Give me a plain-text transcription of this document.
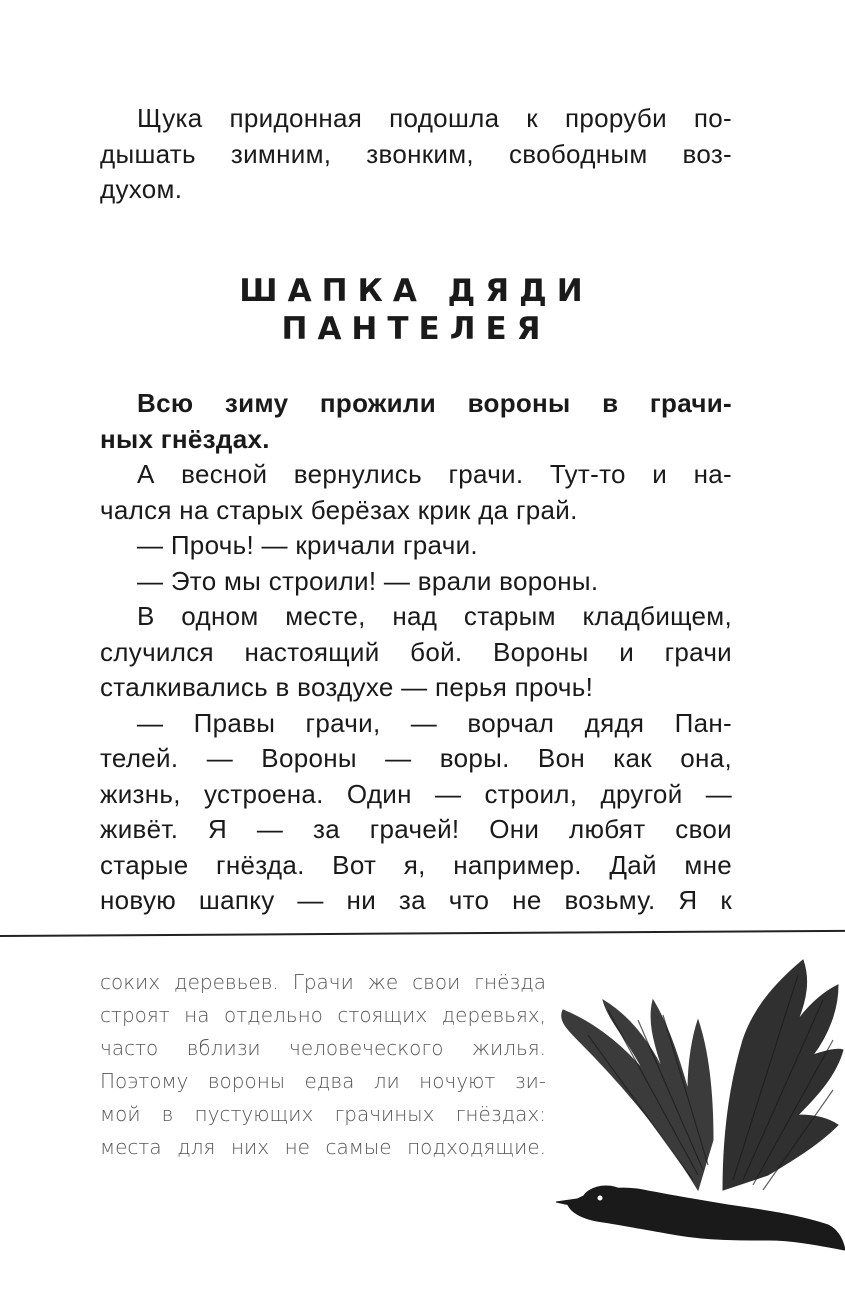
Щука придонная подошла к проруби по-
дышать зимним, звонким, свободным воз-
духом.
ШАПКА ДЯДИ
ПАНТЕЛЕЯ
Всю зиму прожили вороны в грачи-
ных гнёздах.
А весной вернулись грачи. Тут-то и на-
чался на старых берёзах крик да грай.
— Прочь! — кричали грачи.
— Это мы строили! — врали вороны.
В одном месте, над старым кладбищем,
случился настоящий бой. Вороны и грачи
сталкивались в воздухе — перья прочь!
— Правы грачи, — ворчал дядя Пан-
телей. — Вороны — воры. Вон как она,
жизнь, устроена. Один — строил, другой —
живёт. Я — за грачей! Они любят свои
старые гнёзда. Вот я, например. Дай мне
новую шапку — ни за что не возьму. Я к
соких деревьев. Грачи же свои гнёзда
строят на отдельно стоящих деревьях,
часто вблизи человеческого жилья.
Поэтому вороны едва ли ночуют зи-
мой в пустующих грачиных гнёздах:
места для них не самые подходящие.
